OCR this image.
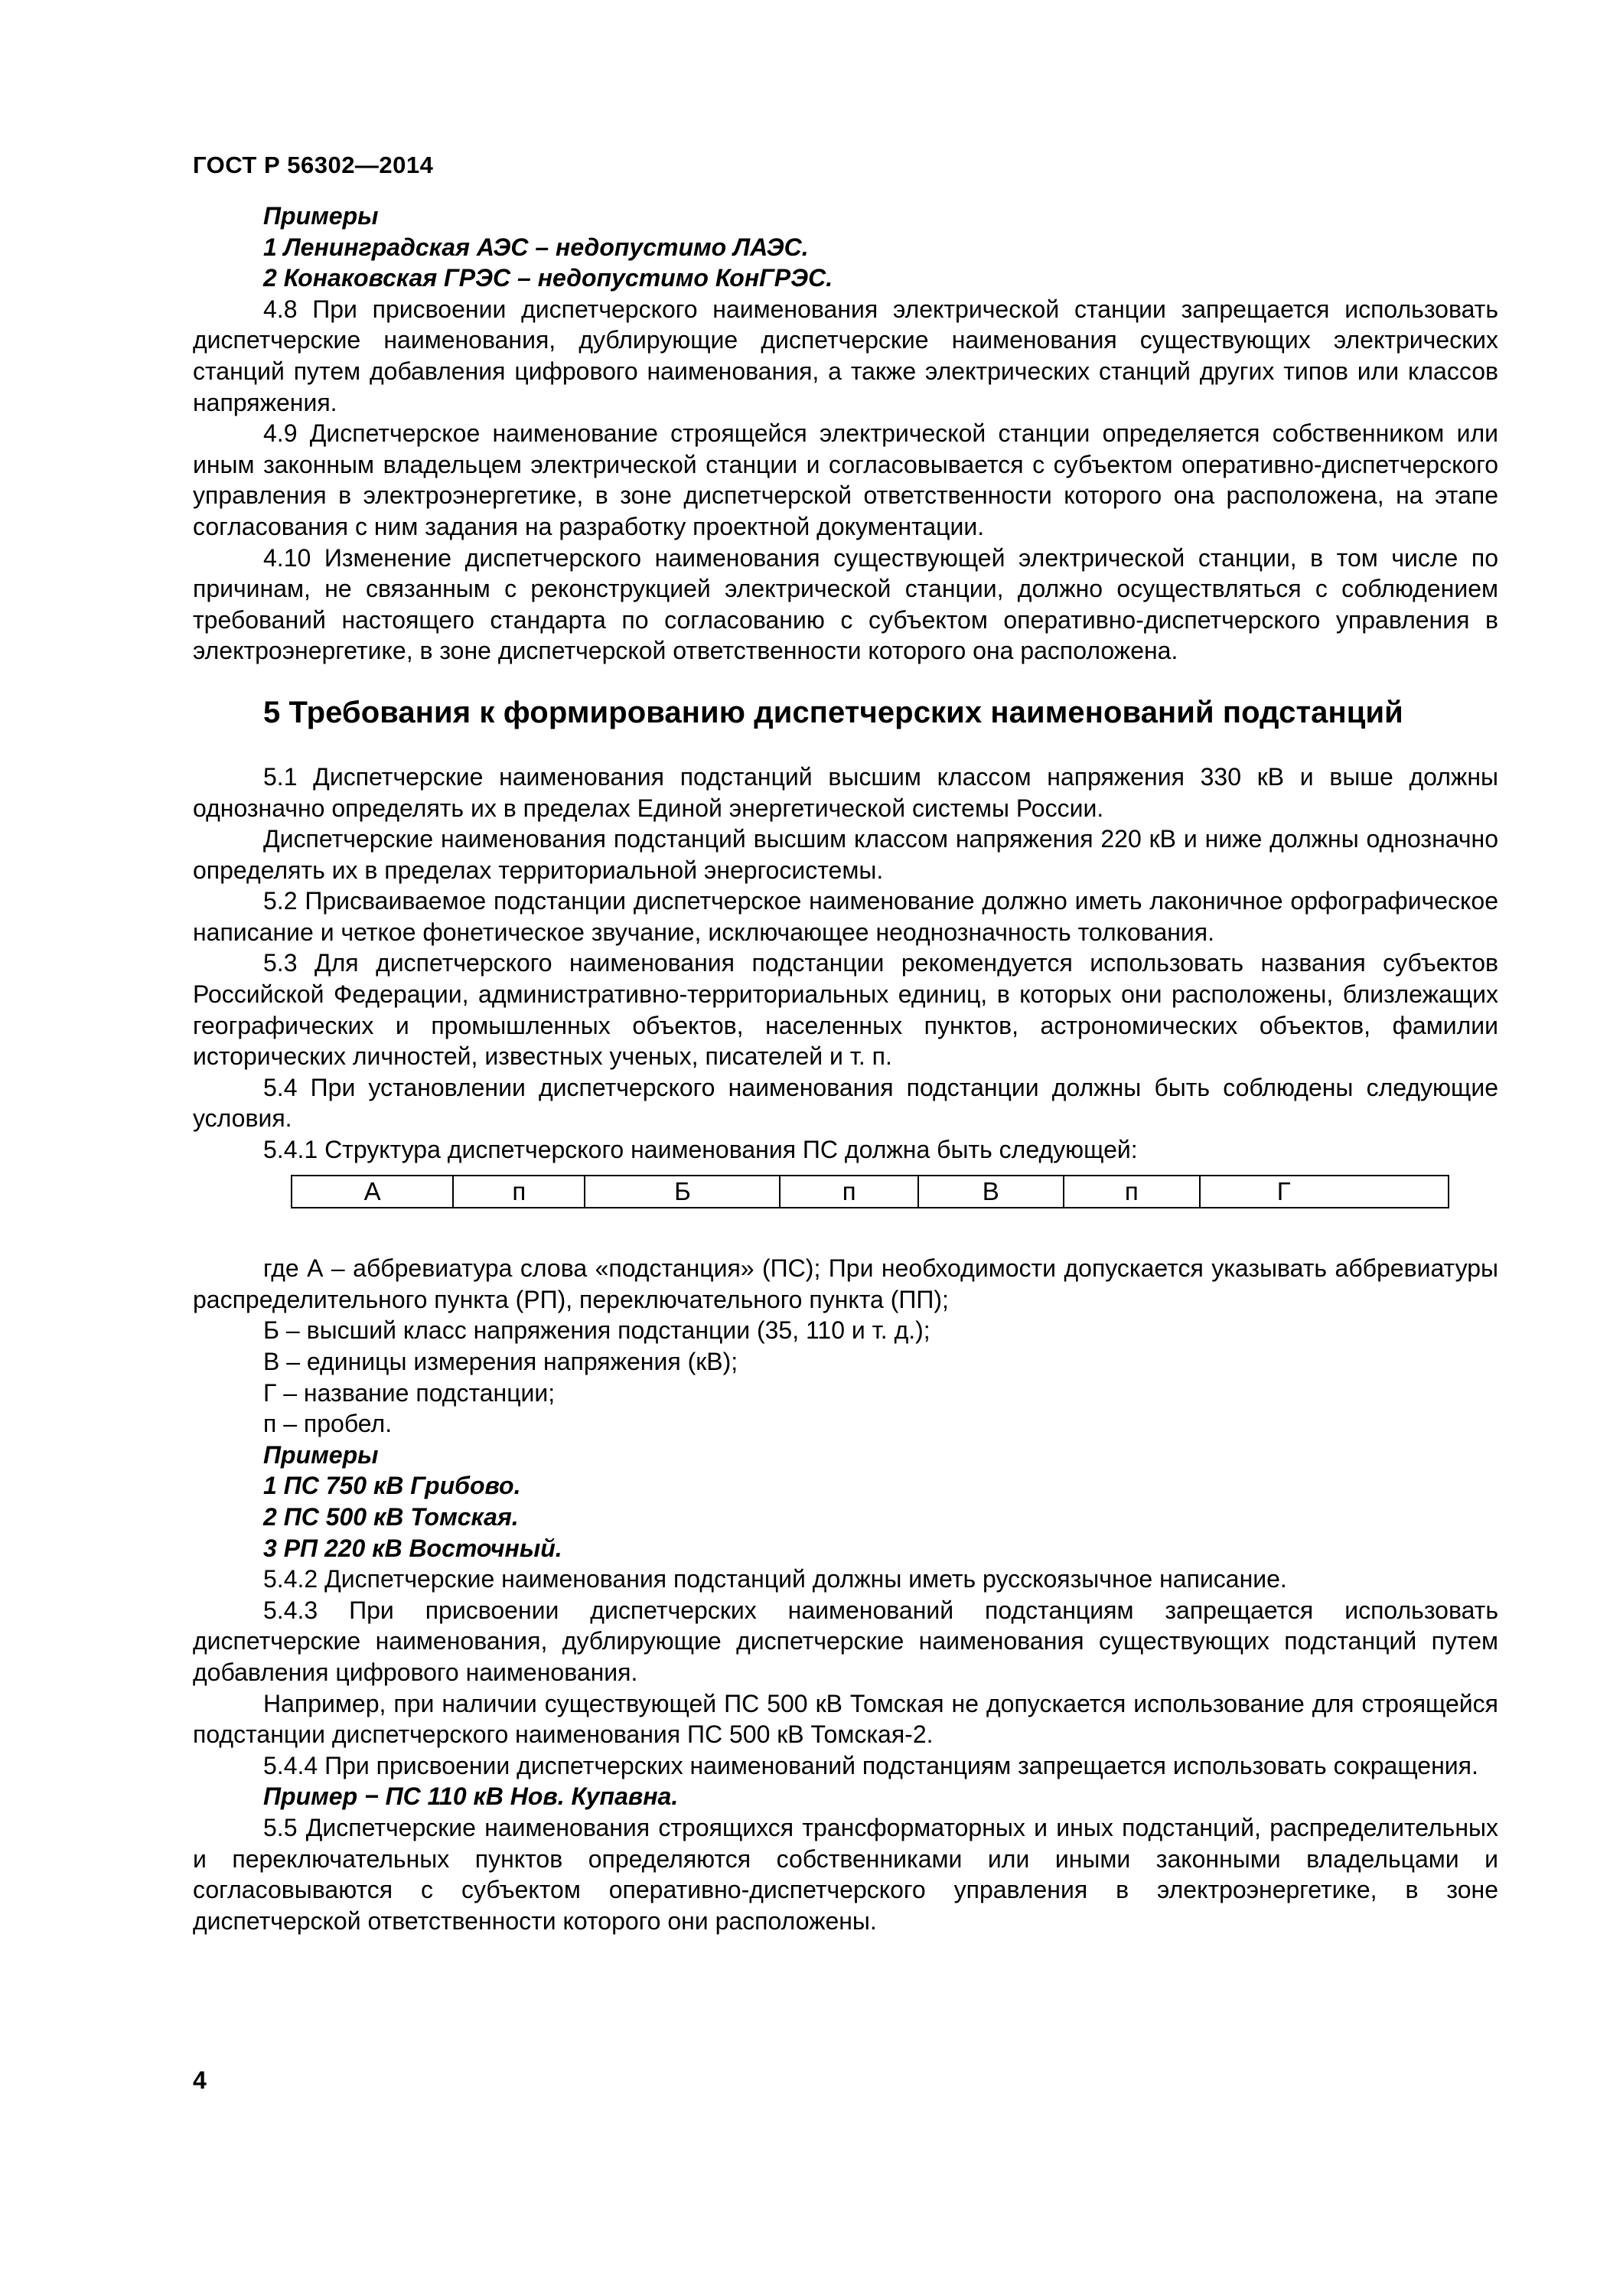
ГОСТ Р 56302—2014

Примеры

1 Ленинградская АЭС – недопустимо ЛАЭС.

2 Конаковская ГРЭС – недопустимо КонГРЭС.

4.8 При присвоении диспетчерского наименования электрической станции запрещается использовать диспетчерские наименования, дублирующие диспетчерские наименования существующих электрических станций путем добавления цифрового наименования, а также электрических станций других типов или классов напряжения.

4.9 Диспетчерское наименование строящейся электрической станции определяется собственником или иным законным владельцем электрической станции и согласовывается с субъектом оперативно-диспетчерского управления в электроэнергетике, в зоне диспетчерской ответственности которого она расположена, на этапе согласования с ним задания на разработку проектной документации.

4.10 Изменение диспетчерского наименования существующей электрической станции, в том числе по причинам, не связанным с реконструкцией электрической станции, должно осуществляться с соблюдением требований настоящего стандарта по согласованию с субъектом оперативно-диспетчерского управления в электроэнергетике, в зоне диспетчерской ответственности которого она расположена.

5 Требования к формированию диспетчерских наименований подстанций

5.1 Диспетчерские наименования подстанций высшим классом напряжения 330 кВ и выше должны однозначно определять их в пределах Единой энергетической системы России.

Диспетчерские наименования подстанций высшим классом напряжения 220 кВ и ниже должны однозначно определять их в пределах территориальной энергосистемы.

5.2 Присваиваемое подстанции диспетчерское наименование должно иметь лаконичное орфографическое написание и четкое фонетическое звучание, исключающее неоднозначность толкования.

5.3 Для диспетчерского наименования подстанции рекомендуется использовать названия субъектов Российской Федерации, административно-территориальных единиц, в которых они расположены, близлежащих географических и промышленных объектов, населенных пунктов, астрономических объектов, фамилии исторических личностей, известных ученых, писателей и т. п.

5.4 При установлении диспетчерского наименования подстанции должны быть соблюдены следующие условия.

5.4.1 Структура диспетчерского наименования ПС должна быть следующей:

А	п	Б	п	В	п	Г

где А – аббревиатура слова «подстанция» (ПС); При необходимости допускается указывать аббревиатуры распределительного пункта (РП), переключательного пункта (ПП);

Б – высший класс напряжения подстанции (35, 110 и т. д.);

В – единицы измерения напряжения (кВ);

Г – название подстанции;

п – пробел.

Примеры

1 ПС 750 кВ Грибово.

2 ПС 500 кВ Томская.

3 РП 220 кВ Восточный.

5.4.2 Диспетчерские наименования подстанций должны иметь русскоязычное написание.

5.4.3 При присвоении диспетчерских наименований подстанциям запрещается использовать диспетчерские наименования, дублирующие диспетчерские наименования существующих подстанций путем добавления цифрового наименования.

Например, при наличии существующей ПС 500 кВ Томская не допускается использование для строящейся подстанции диспетчерского наименования ПС 500 кВ Томская-2.

5.4.4 При присвоении диспетчерских наименований подстанциям запрещается использовать сокращения.

Пример − ПС 110 кВ Нов. Купавна.

5.5 Диспетчерские наименования строящихся трансформаторных и иных подстанций, распределительных и переключательных пунктов определяются собственниками или иными законными владельцами и согласовываются с субъектом оперативно-диспетчерского управления в электроэнергетике, в зоне диспетчерской ответственности которого они расположены.

4
